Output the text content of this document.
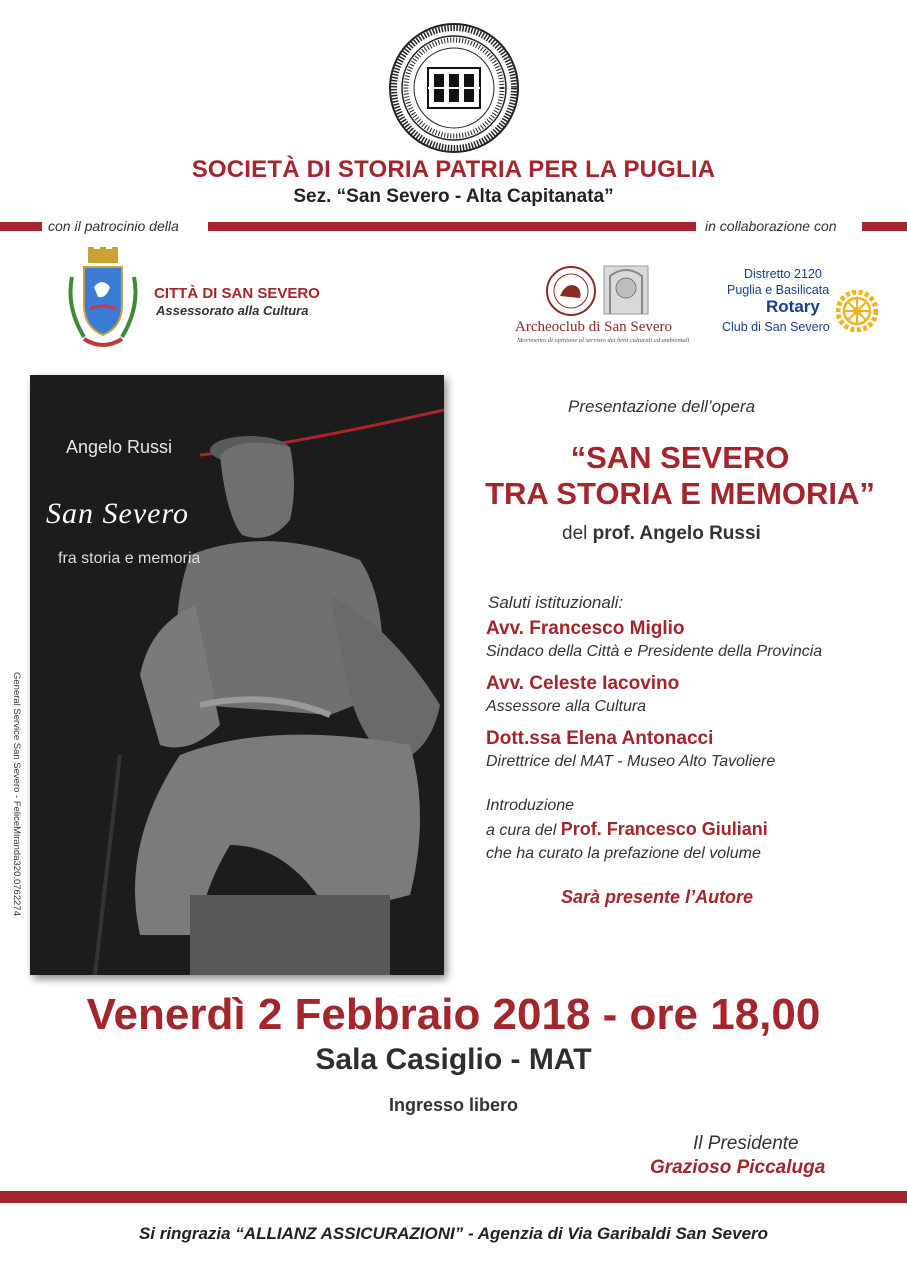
SOCIETÀ DI STORIA PATRIA PER LA PUGLIA
Sez. “San Severo - Alta Capitanata”
con il patrocinio della	in collaborazione con
CITTÀ DI SAN SEVERO
Assessorato alla Cultura
Archeoclub di San Severo
Movimento di opinione al servizio dei beni culturali ed ambientali
Distretto 2120
Puglia e Basilicata
Rotary
Club di San Severo
Angelo Russi
San Severo
fra storia e memoria
General Service San Severo - FeliceMiranda320.0762274
Presentazione dell’opera
“SAN SEVERO
TRA STORIA E MEMORIA”
del prof. Angelo Russi
Saluti istituzionali:
Avv. Francesco Miglio
Sindaco della Città e Presidente della Provincia
Avv. Celeste Iacovino
Assessore alla Cultura
Dott.ssa Elena Antonacci
Direttrice del MAT - Museo Alto Tavoliere
Introduzione
a cura del Prof. Francesco Giuliani
che ha curato la prefazione del volume
Sarà presente l’Autore
Venerdì 2 Febbraio 2018 - ore 18,00
Sala Casiglio - MAT
Ingresso libero
Il Presidente
Grazioso Piccaluga
Si ringrazia “ALLIANZ ASSICURAZIONI” - Agenzia di Via Garibaldi San Severo
